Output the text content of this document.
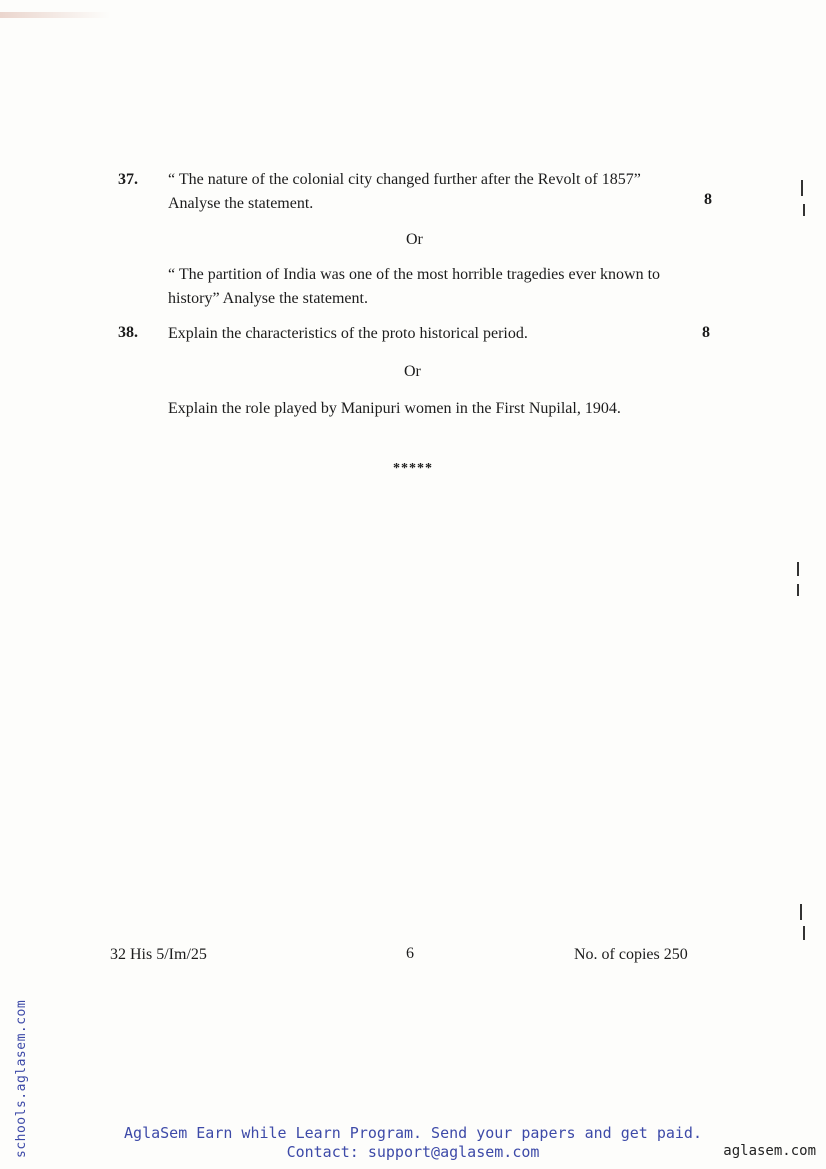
37. “ The nature of the colonial city changed further after the Revolt of 1857”
Analyse the statement.	8
Or
“ The partition of India was one of the most horrible tragedies ever known to
history” Analyse the statement.
38. Explain the characteristics of the proto historical period.	8
Or
Explain the role played by Manipuri women in the First Nupilal, 1904.
*****
32 His 5/Im/25	6	No. of copies 250
schools.aglasem.com	AglaSem Earn while Learn Program. Send your papers and get paid.
Contact: support@aglasem.com	aglasem.com
